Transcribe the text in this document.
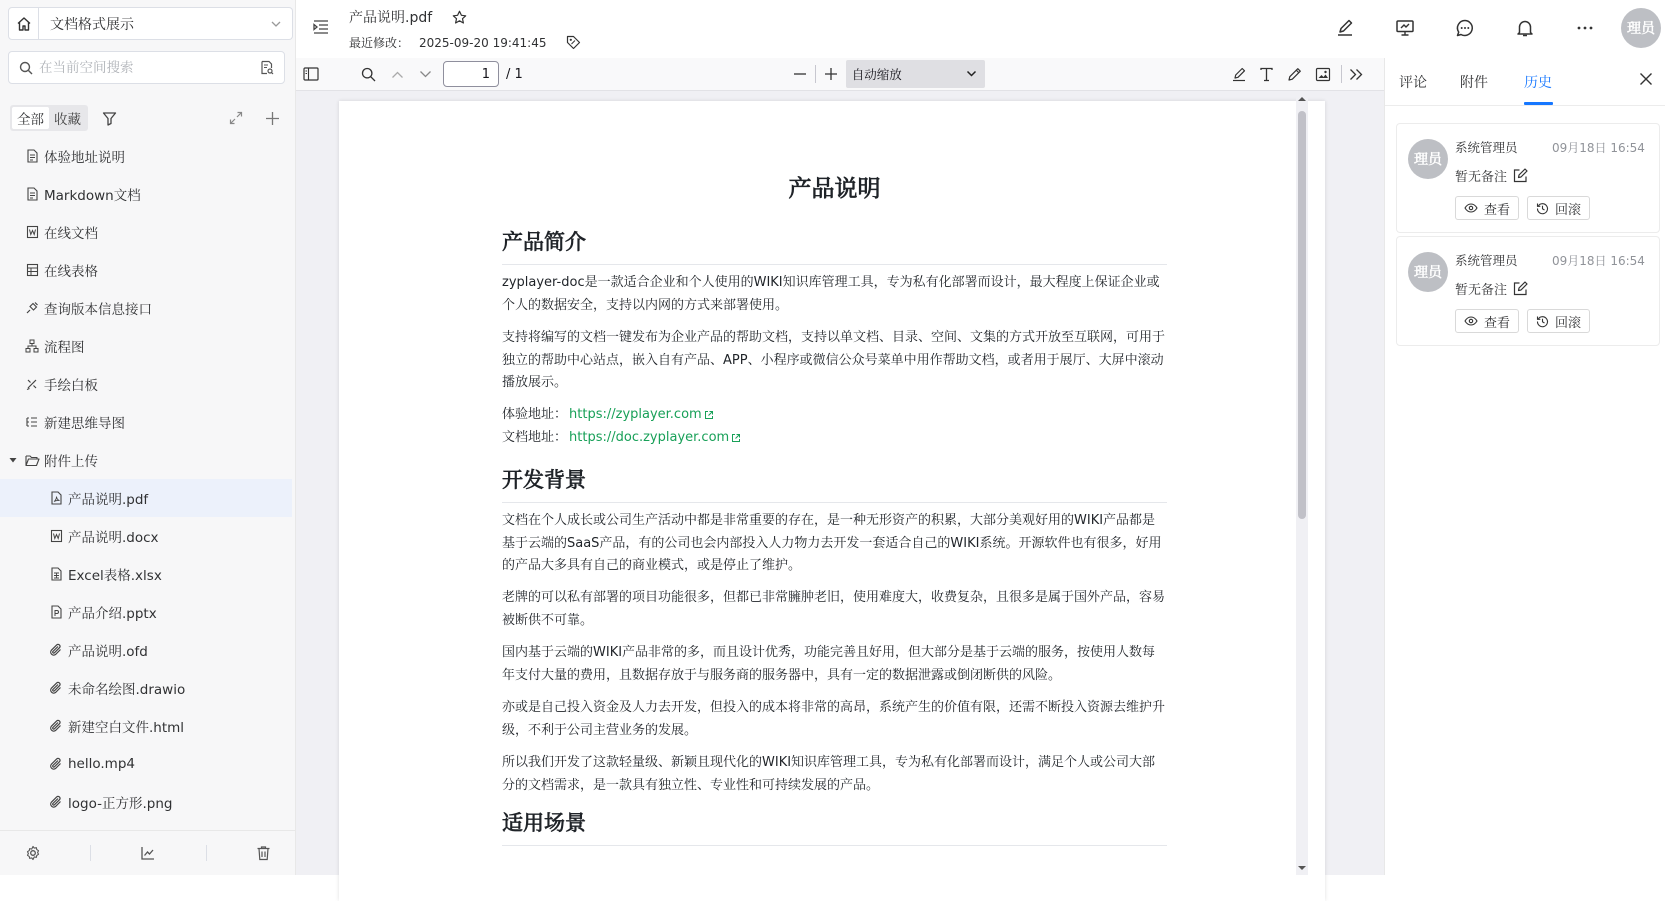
文档格式展示
在当前空间搜索
全部 收藏
体验地址说明
Markdown文档
在线文档
在线表格
查询版本信息接口
流程图
手绘白板
新建思维导图
附件上传
产品说明.pdf
产品说明.docx
Excel表格.xlsx
产品介绍.pptx
产品说明.ofd
未命名绘图.drawio
新建空白文件.html
hello.mp4
logo-正方形.png
产品说明.pdf
最近修改： 2025-09-20 19:41:45
理员
1
/ 1	自动缩放
产品说明
产品简介
zyplayer-doc是一款适合企业和个人使用的WIKI知识库管理工具，专为私有化部署而设计，最大程度上保证企业或个人的数据安全，支持以内网的方式来部署使用。
支持将编写的文档一键发布为企业产品的帮助文档，支持以单文档、目录、空间、文集的方式开放至互联网，可用于独立的帮助中心站点，嵌入自有产品、APP、小程序或微信公众号菜单中用作帮助文档，或者用于展厅、大屏中滚动播放展示。
体验地址： https://zyplayer.com
文档地址： https://doc.zyplayer.com
开发背景
文档在个人成长或公司生产活动中都是非常重要的存在，是一种无形资产的积累，大部分美观好用的WIKI产品都是基于云端的SaaS产品，有的公司也会内部投入人力物力去开发一套适合自己的WIKI系统。开源软件也有很多，好用的产品大多具有自己的商业模式，或是停止了维护。
老牌的可以私有部署的项目功能很多，但都已非常臃肿老旧，使用难度大，收费复杂，且很多是属于国外产品，容易被断供不可靠。
国内基于云端的WIKI产品非常的多，而且设计优秀，功能完善且好用，但大部分是基于云端的服务，按使用人数每年支付大量的费用，且数据存放于与服务商的服务器中，具有一定的数据泄露或倒闭断供的风险。
亦或是自己投入资金及人力去开发，但投入的成本将非常的高昂，系统产生的价值有限，还需不断投入资源去维护升级，不利于公司主营业务的发展。
所以我们开发了这款轻量级、新颖且现代化的WIKI知识库管理工具，专为私有化部署而设计，满足个人或公司大部分的文档需求，是一款具有独立性、专业性和可持续发展的产品。
适用场景
评论 附件	历史
理员
系统管理员	09月18日 16:54
暂无备注
查看	回滚
理员
系统管理员	09月18日 16:54
暂无备注
查看	回滚
